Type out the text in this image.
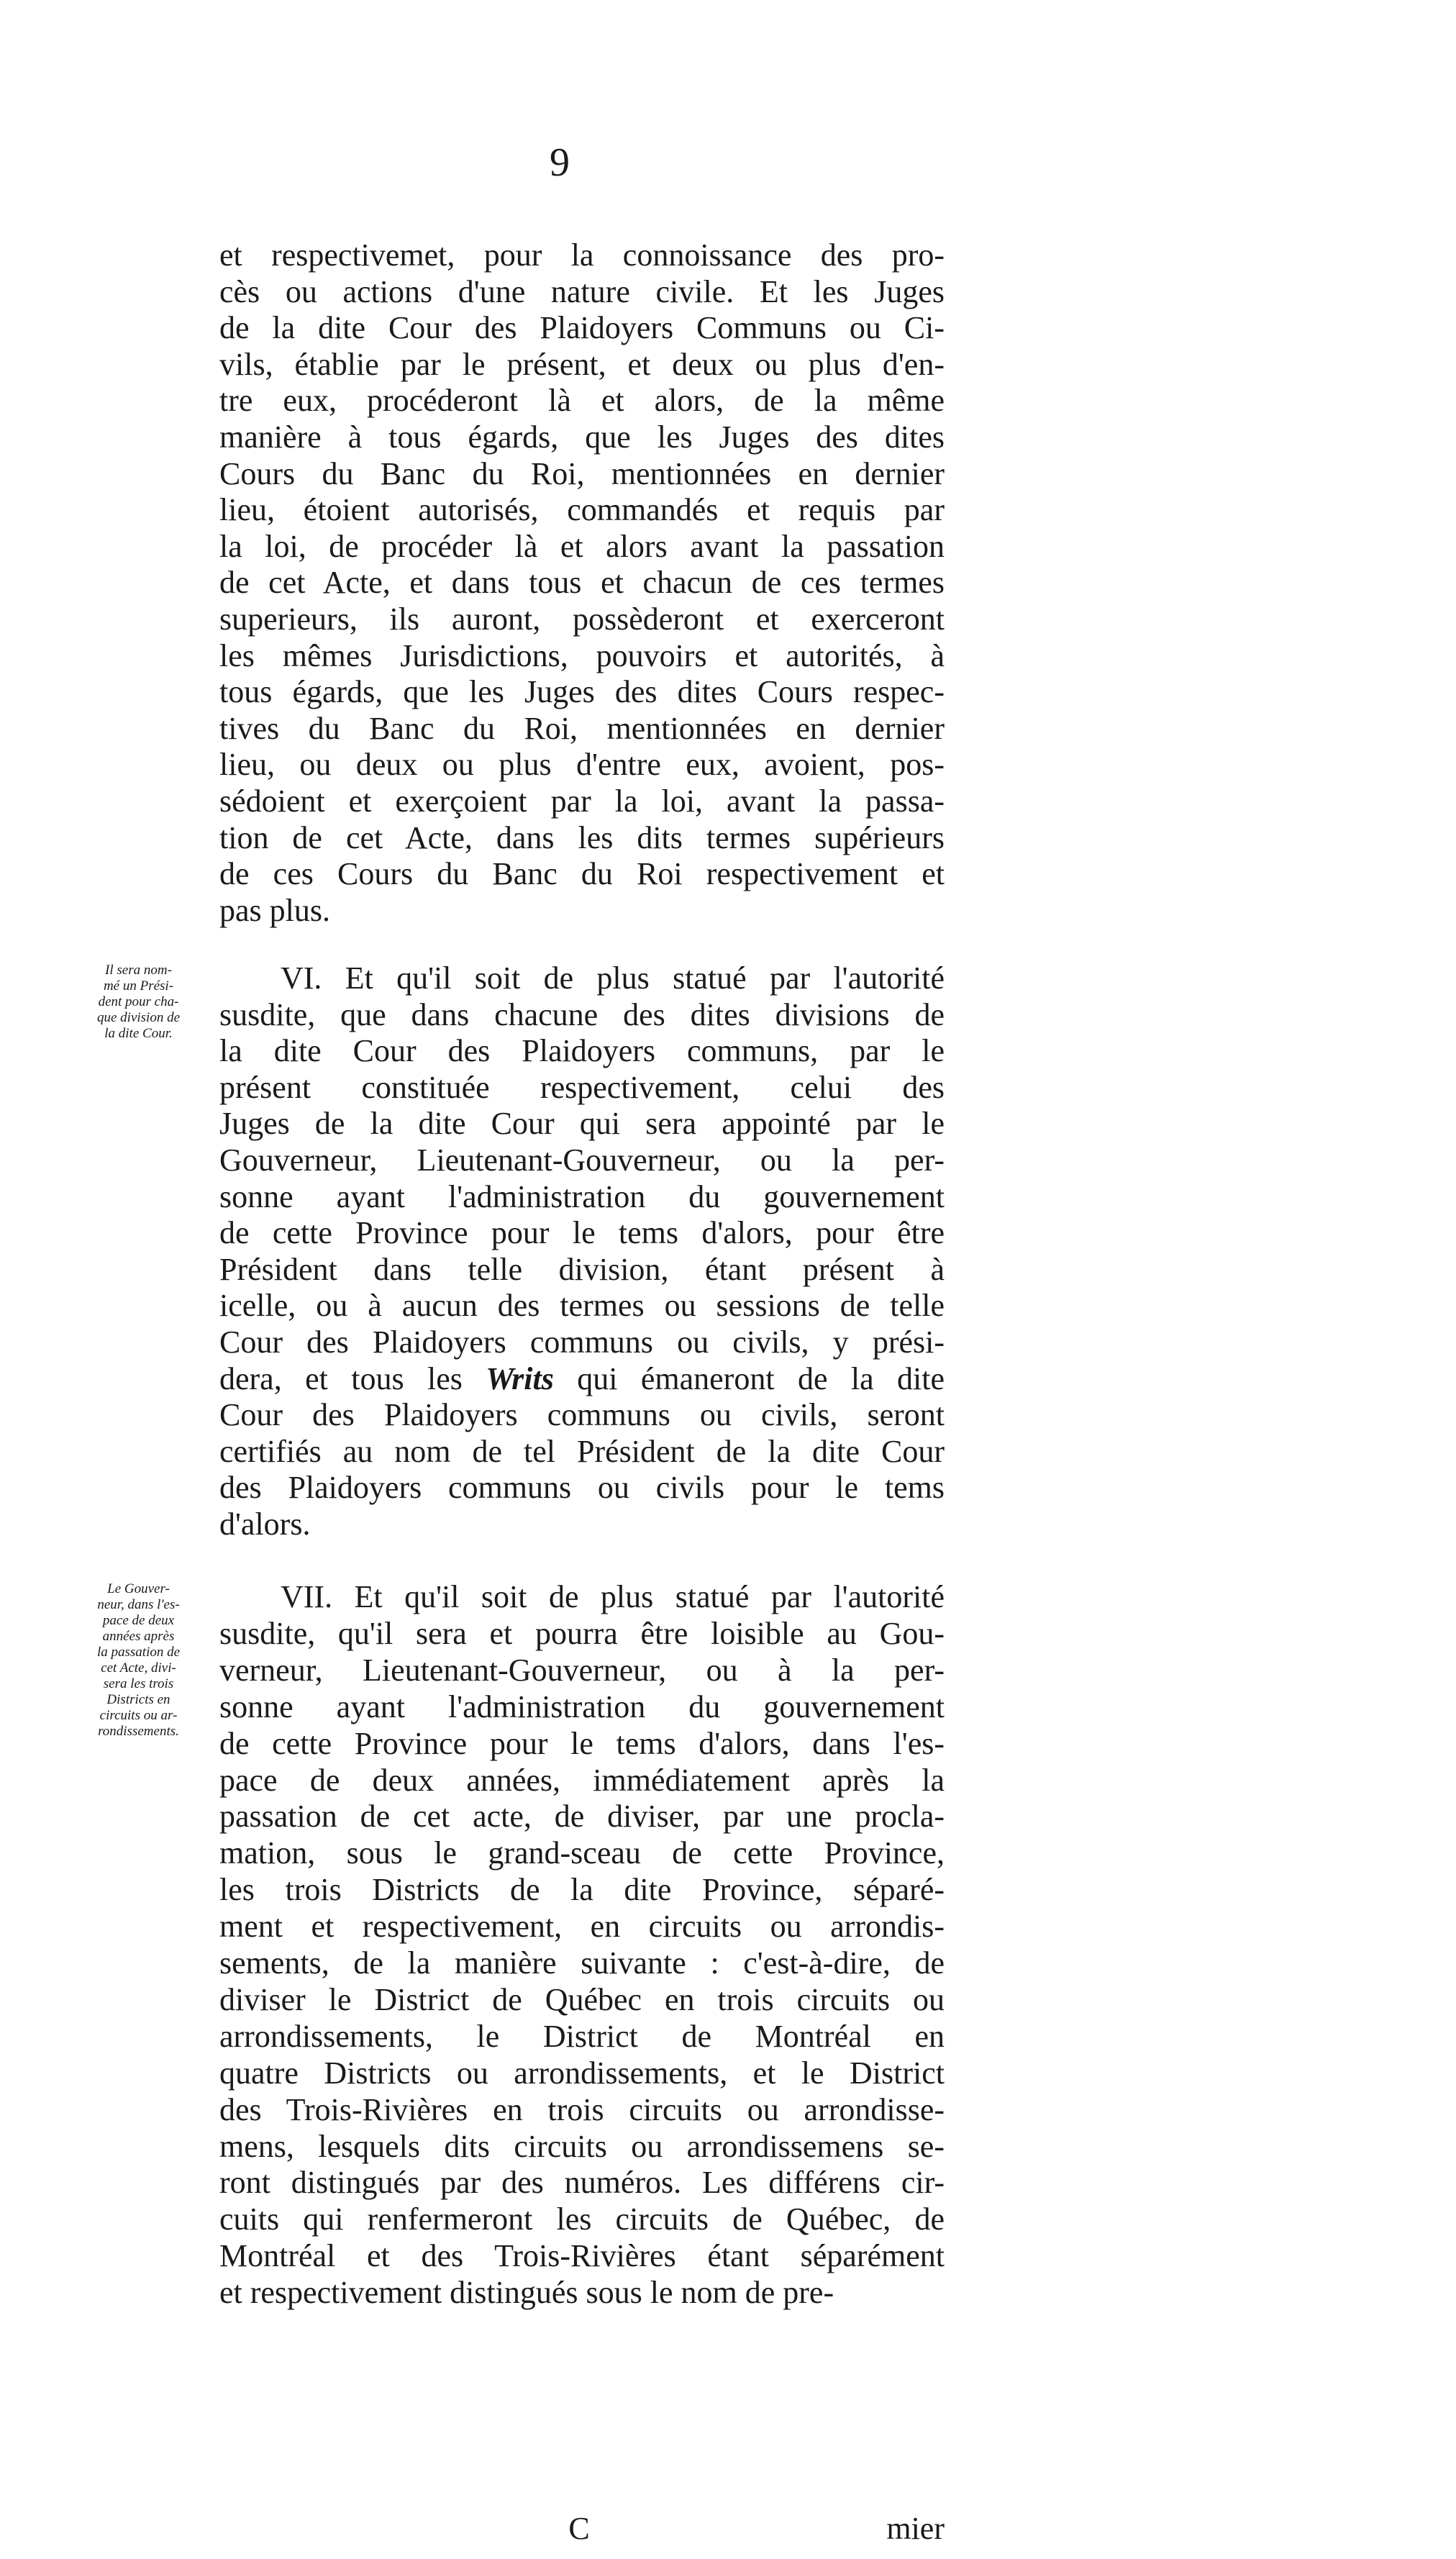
9
et respectivemet, pour la connoissance des pro-
cès ou actions d'une nature civile. Et les Juges
de la dite Cour des Plaidoyers Communs ou Ci-
vils, établie par le présent, et deux ou plus d'en-
tre eux, procéderont là et alors, de la même
manière à tous égards, que les Juges des dites
Cours du Banc du Roi, mentionnées en dernier
lieu, étoient autorisés, commandés et requis par
la loi, de procéder là et alors avant la passation
de cet Acte, et dans tous et chacun de ces termes
superieurs, ils auront, possèderont et exerceront
les mêmes Jurisdictions, pouvoirs et autorités, à
tous égards, que les Juges des dites Cours respec-
tives du Banc du Roi, mentionnées en dernier
lieu, ou deux ou plus d'entre eux, avoient, pos-
sédoient et exerçoient par la loi, avant la passa-
tion de cet Acte, dans les dits termes supérieurs
de ces Cours du Banc du Roi respectivement et
pas plus.
Il sera nom-
mé un Prési-
dent pour cha-
que division de
la dite Cour.
VI. Et qu'il soit de plus statué par l'autorité
susdite, que dans chacune des dites divisions de
la dite Cour des Plaidoyers communs, par le
présent constituée respectivement, celui des
Juges de la dite Cour qui sera appointé par le
Gouverneur, Lieutenant-Gouverneur, ou la per-
sonne ayant l'administration du gouvernement
de cette Province pour le tems d'alors, pour être
Président dans telle division, étant présent à
icelle, ou à aucun des termes ou sessions de telle
Cour des Plaidoyers communs ou civils, y prési-
dera, et tous les Writs qui émaneront de la dite
Cour des Plaidoyers communs ou civils, seront
certifiés au nom de tel Président de la dite Cour
des Plaidoyers communs ou civils pour le tems
d'alors.
Le Gouver-
neur, dans l'es-
pace de deux
années après
la passation de
cet Acte, divi-
sera les trois
Districts en
circuits ou ar-
rondissements.
VII. Et qu'il soit de plus statué par l'autorité
susdite, qu'il sera et pourra être loisible au Gou-
verneur, Lieutenant-Gouverneur, ou à la per-
sonne ayant l'administration du gouvernement
de cette Province pour le tems d'alors, dans l'es-
pace de deux années, immédiatement après la
passation de cet acte, de diviser, par une procla-
mation, sous le grand-sceau de cette Province,
les trois Districts de la dite Province, séparé-
ment et respectivement, en circuits ou arrondis-
sements, de la manière suivante : c'est-à-dire, de
diviser le District de Québec en trois circuits ou
arrondissements, le District de Montréal en
quatre Districts ou arrondissements, et le District
des Trois-Rivières en trois circuits ou arrondisse-
mens, lesquels dits circuits ou arrondissemens se-
ront distingués par des numéros. Les différens cir-
cuits qui renfermeront les circuits de Québec, de
Montréal et des Trois-Rivières étant séparément
et respectivement distingués sous le nom de pre-
C	mier
